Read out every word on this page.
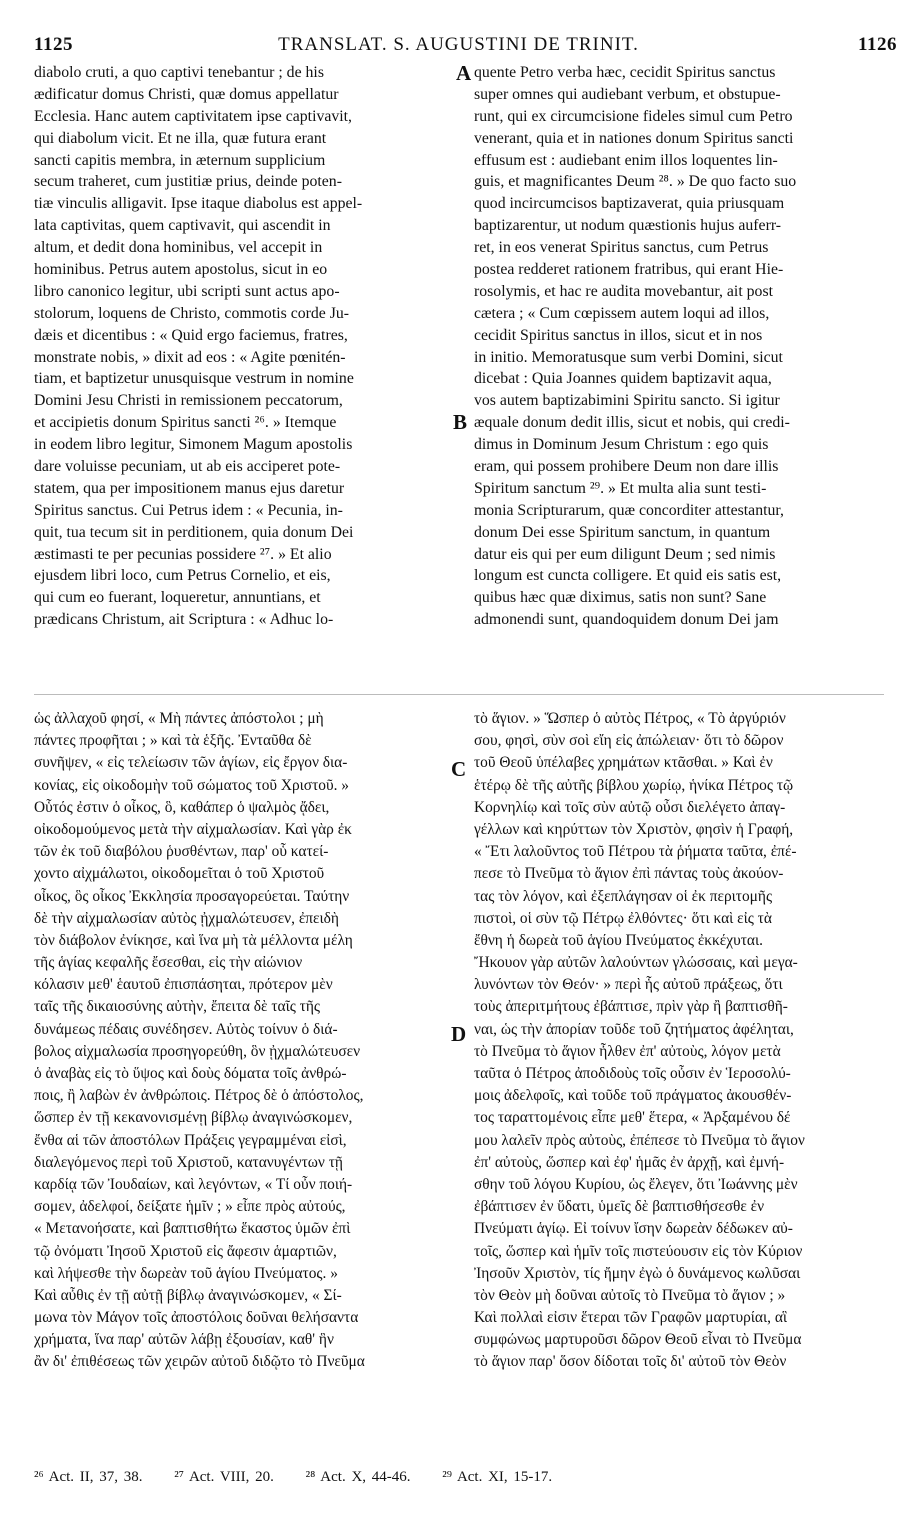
1125	TRANSLAT. S. AUGUSTINI DE TRINIT.	1126
A
B
C
D
diabolo cruti, a quo captivi tenebantur ; de his
ædificatur domus Christi, quæ domus appellatur
Ecclesia. Hanc autem captivitatem ipse captivavit,
qui diabolum vicit. Et ne illa, quæ futura erant
sancti capitis membra, in æternum supplicium
secum traheret, cum justitiæ prius, deinde poten-
tiæ vinculis alligavit. Ipse itaque diabolus est appel-
lata captivitas, quem captivavit, qui ascendit in
altum, et dedit dona hominibus, vel accepit in
hominibus. Petrus autem apostolus, sicut in eo
libro canonico legitur, ubi scripti sunt actus apo-
stolorum, loquens de Christo, commotis corde Ju-
dæis et dicentibus : « Quid ergo faciemus, fratres,
monstrate nobis, » dixit ad eos : « Agite pœnitén-
tiam, et baptizetur unusquisque vestrum in nomine
Domini Jesu Christi in remissionem peccatorum,
et accipietis donum Spiritus sancti ²⁶. » Itemque
in eodem libro legitur, Simonem Magum apostolis
dare voluisse pecuniam, ut ab eis acciperet pote-
statem, qua per impositionem manus ejus daretur
Spiritus sanctus. Cui Petrus idem : « Pecunia, in-
quit, tua tecum sit in perditionem, quia donum Dei
æstimasti te per pecunias possidere ²⁷. » Et alio
ejusdem libri loco, cum Petrus Cornelio, et eis,
qui cum eo fuerant, loqueretur, annuntians, et
prædicans Christum, ait Scriptura : « Adhuc lo-
quente Petro verba hæc, cecidit Spiritus sanctus
super omnes qui audiebant verbum, et obstupue-
runt, qui ex circumcisione fideles simul cum Petro
venerant, quia et in nationes donum Spiritus sancti
effusum est : audiebant enim illos loquentes lin-
guis, et magnificantes Deum ²⁸. » De quo facto suo
quod incircumcisos baptizaverat, quia priusquam
baptizarentur, ut nodum quæstionis hujus auferr-
ret, in eos venerat Spiritus sanctus, cum Petrus
postea redderet rationem fratribus, qui erant Hie-
rosolymis, et hac re audita movebantur, ait post
cætera ; « Cum cœpissem autem loqui ad illos,
cecidit Spiritus sanctus in illos, sicut et in nos
in initio. Memoratusque sum verbi Domini, sicut
dicebat : Quia Joannes quidem baptizavit aqua,
vos autem baptizabimini Spiritu sancto. Si igitur
æquale donum dedit illis, sicut et nobis, qui credi-
dimus in Dominum Jesum Christum : ego quis
eram, qui possem prohibere Deum non dare illis
Spiritum sanctum ²⁹. » Et multa alia sunt testi-
monia Scripturarum, quæ concorditer attestantur,
donum Dei esse Spiritum sanctum, in quantum
datur eis qui per eum diligunt Deum ; sed nimis
longum est cuncta colligere. Et quid eis satis est,
quibus hæc quæ diximus, satis non sunt? Sane
admonendi sunt, quandoquidem donum Dei jam
ὡς ἀλλαχοῦ φησί, « Μὴ πάντες ἀπόστολοι ; μὴ
πάντες προφῆται ; » καὶ τὰ ἑξῆς. Ἐνταῦθα δὲ
συνῆψεν, « εἰς τελείωσιν τῶν ἁγίων, εἰς ἔργον δια-
κονίας, εἰς οἰκοδομὴν τοῦ σώματος τοῦ Χριστοῦ. »
Οὗτός ἐστιν ὁ οἶκος, ὃ, καθάπερ ὁ ψαλμὸς ᾄδει,
οἰκοδομούμενος μετὰ τὴν αἰχμαλωσίαν. Καὶ γὰρ ἐκ
τῶν ἐκ τοῦ διαβόλου ῥυσθέντων, παρ' οὗ κατεί-
χοντο αἰχμάλωτοι, οἰκοδομεῖται ὁ τοῦ Χριστοῦ
οἶκος, ὃς οἶκος Ἐκκλησία προσαγορεύεται. Ταύτην
δὲ τὴν αἰχμαλωσίαν αὐτὸς ᾐχμαλώτευσεν, ἐπειδὴ
τὸν διάβολον ἐνίκησε, καὶ ἵνα μὴ τὰ μέλλοντα μέλη
τῆς ἁγίας κεφαλῆς ἔσεσθαι, εἰς τὴν αἰώνιον
κόλασιν μεθ' ἑαυτοῦ ἐπισπάσηται, πρότερον μὲν
ταῖς τῆς δικαιοσύνης αὐτὴν, ἔπειτα δὲ ταῖς τῆς
δυνάμεως πέδαις συνέδησεν. Αὐτὸς τοίνυν ὁ διά-
βολος αἰχμαλωσία προσηγορεύθη, ὃν ᾐχμαλώτευσεν
ὁ ἀναβὰς εἰς τὸ ὕψος καὶ δοὺς δόματα τοῖς ἀνθρώ-
ποις, ἢ λαβὼν ἐν ἀνθρώποις. Πέτρος δὲ ὁ ἀπόστολος,
ὥσπερ ἐν τῇ κεκανονισμένῃ βίβλῳ ἀναγινώσκομεν,
ἔνθα αἱ τῶν ἀποστόλων Πράξεις γεγραμμέναι εἰσὶ,
διαλεγόμενος περὶ τοῦ Χριστοῦ, κατανυγέντων τῇ
καρδίᾳ τῶν Ἰουδαίων, καὶ λεγόντων, « Τί οὖν ποιή-
σομεν, ἀδελφοί, δείξατε ἡμῖν ; » εἶπε πρὸς αὐτούς,
« Μετανοήσατε, καὶ βαπτισθήτω ἕκαστος ὑμῶν ἐπὶ
τῷ ὀνόματι Ἰησοῦ Χριστοῦ εἰς ἄφεσιν ἁμαρτιῶν,
καὶ λήψεσθε τὴν δωρεὰν τοῦ ἁγίου Πνεύματος. »
Καὶ αὖθις ἐν τῇ αὐτῇ βίβλῳ ἀναγινώσκομεν, « Σί-
μωνα τὸν Μάγον τοῖς ἀποστόλοις δοῦναι θελήσαντα
χρήματα, ἵνα παρ' αὐτῶν λάβῃ ἐξουσίαν, καθ' ἣν
ἂν δι' ἐπιθέσεως τῶν χειρῶν αὐτοῦ διδῷτο τὸ Πνεῦμα
τὸ ἅγιον. » Ὥσπερ ὁ αὐτὸς Πέτρος, « Τὸ ἀργύριόν
σου, φησὶ, σὺν σοὶ εἴη εἰς ἀπώλειαν· ὅτι τὸ δῶρον
τοῦ Θεοῦ ὑπέλαβες χρημάτων κτᾶσθαι. » Καὶ ἐν
ἑτέρῳ δὲ τῆς αὐτῆς βίβλου χωρίῳ, ἡνίκα Πέτρος τῷ
Κορνηλίῳ καὶ τοῖς σὺν αὐτῷ οὖσι διελέγετο ἀπαγ-
γέλλων καὶ κηρύττων τὸν Χριστὸν, φησὶν ἡ Γραφή,
« Ἔτι λαλοῦντος τοῦ Πέτρου τὰ ῥήματα ταῦτα, ἐπέ-
πεσε τὸ Πνεῦμα τὸ ἅγιον ἐπὶ πάντας τοὺς ἀκούον-
τας τὸν λόγον, καὶ ἐξεπλάγησαν οἱ ἐκ περιτομῆς
πιστοὶ, οἱ σὺν τῷ Πέτρῳ ἐλθόντες· ὅτι καὶ εἰς τὰ
ἔθνη ἡ δωρεὰ τοῦ ἁγίου Πνεύματος ἐκκέχυται.
Ἤκουον γὰρ αὐτῶν λαλούντων γλώσσαις, καὶ μεγα-
λυνόντων τὸν Θεόν· » περὶ ἧς αὐτοῦ πράξεως, ὅτι
τοὺς ἀπεριτμήτους ἐβάπτισε, πρὶν γὰρ ἢ βαπτισθῆ-
ναι, ὡς τὴν ἀπορίαν τοῦδε τοῦ ζητήματος ἀφέληται,
τὸ Πνεῦμα τὸ ἅγιον ἦλθεν ἐπ' αὐτοὺς, λόγον μετὰ
ταῦτα ὁ Πέτρος ἀποδιδοὺς τοῖς οὖσιν ἐν Ἱεροσολύ-
μοις ἀδελφοῖς, καὶ τοῦδε τοῦ πράγματος ἀκουσθέν-
τος ταραττομένοις εἶπε μεθ' ἕτερα, « Ἀρξαμένου δέ
μου λαλεῖν πρὸς αὐτοὺς, ἐπέπεσε τὸ Πνεῦμα τὸ ἅγιον
ἐπ' αὐτοὺς, ὥσπερ καὶ ἐφ' ἡμᾶς ἐν ἀρχῇ, καὶ ἐμνή-
σθην τοῦ λόγου Κυρίου, ὡς ἔλεγεν, ὅτι Ἰωάννης μὲν
ἐβάπτισεν ἐν ὕδατι, ὑμεῖς δὲ βαπτισθήσεσθε ἐν
Πνεύματι ἁγίῳ. Εἰ τοίνυν ἴσην δωρεὰν δέδωκεν αὐ-
τοῖς, ὥσπερ καὶ ἡμῖν τοῖς πιστεύουσιν εἰς τὸν Κύριον
Ἰησοῦν Χριστὸν, τίς ἤμην ἐγὼ ὁ δυνάμενος κωλῦσαι
τὸν Θεὸν μὴ δοῦναι αὐτοῖς τὸ Πνεῦμα τὸ ἅγιον ; »
Καὶ πολλαὶ εἰσιν ἕτεραι τῶν Γραφῶν μαρτυρίαι, αἳ
συμφώνως μαρτυροῦσι δῶρον Θεοῦ εἶναι τὸ Πνεῦμα
τὸ ἅγιον παρ' ὅσον δίδοται τοῖς δι' αὐτοῦ τὸν Θεὸν
²⁶ Act. II, 37, 38. ²⁷ Act. VIII, 20. ²⁸ Act. X, 44-46. ²⁹ Act. XI, 15-17.
